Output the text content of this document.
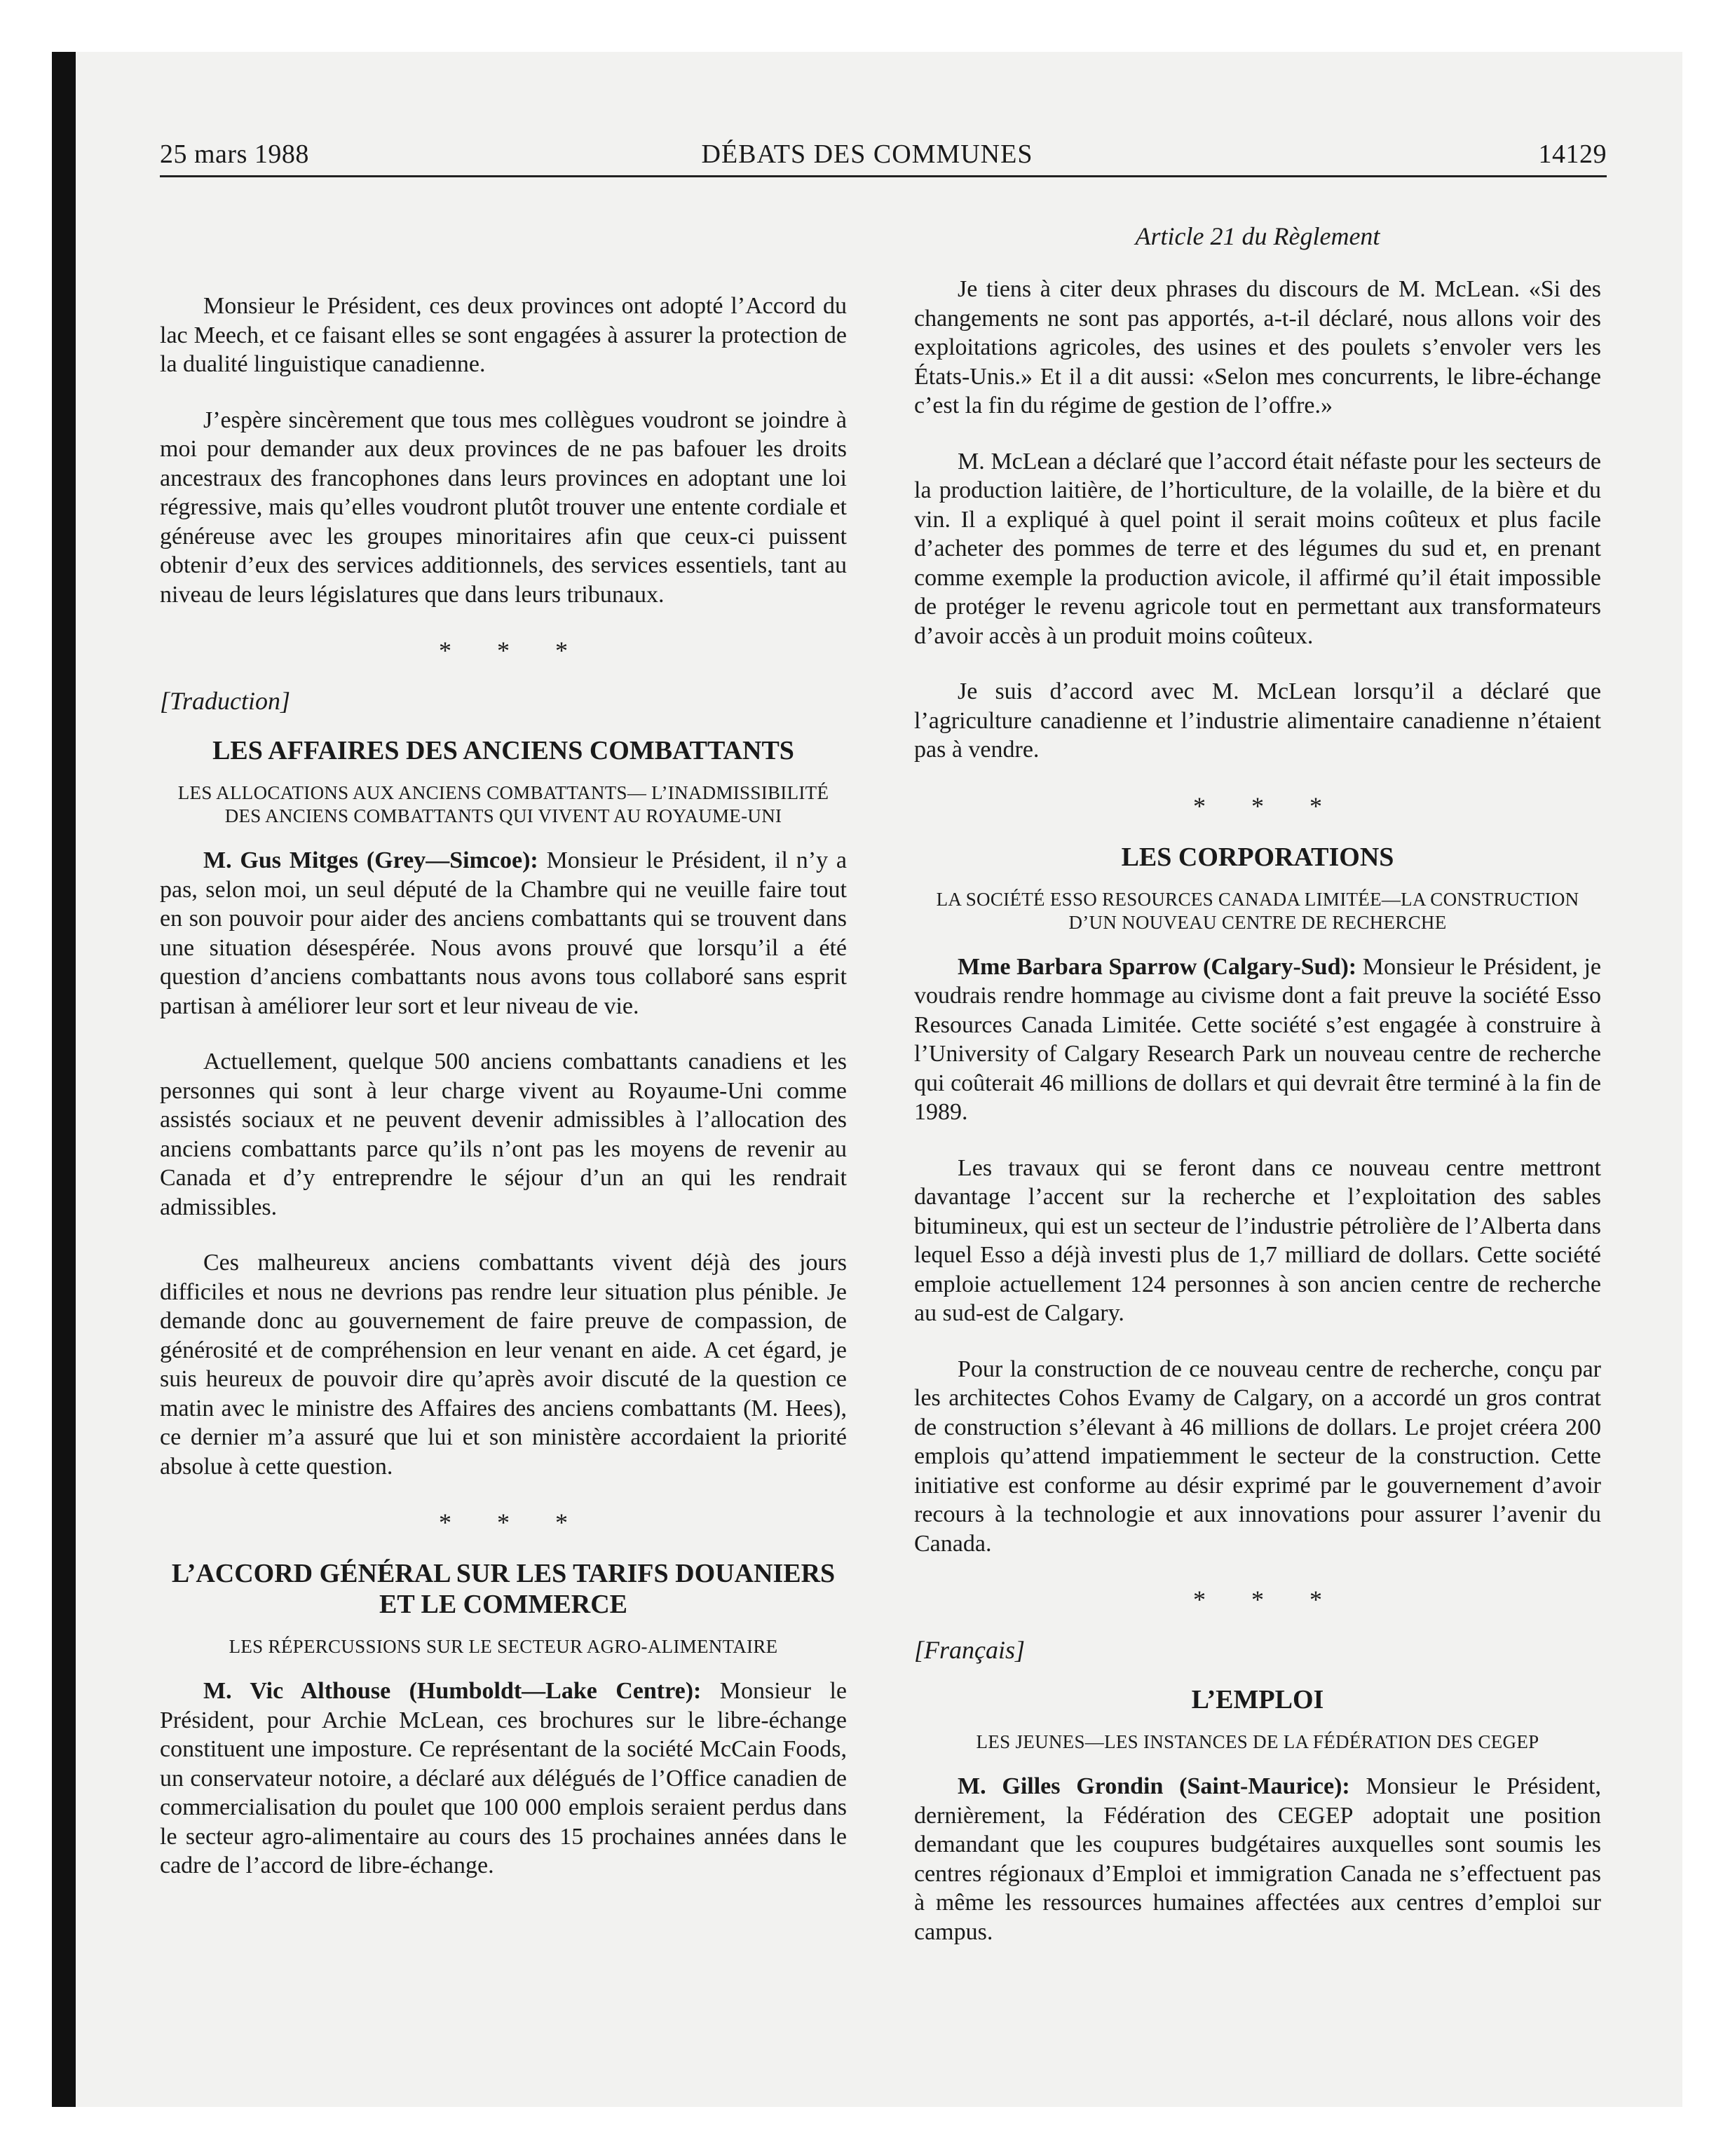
25 mars 1988	DÉBATS DES COMMUNES	14129

Monsieur le Président, ces deux provinces ont adopté l’Accord du lac Meech, et ce faisant elles se sont engagées à assurer la protection de la dualité linguistique canadienne.

J’espère sincèrement que tous mes collègues voudront se joindre à moi pour demander aux deux provinces de ne pas bafouer les droits ancestraux des francophones dans leurs provinces en adoptant une loi régressive, mais qu’elles voudront plutôt trouver une entente cordiale et généreuse avec les groupes minoritaires afin que ceux-ci puissent obtenir d’eux des services additionnels, des services essentiels, tant au niveau de leurs législatures que dans leurs tribunaux.

* * *
[Traduction]
LES AFFAIRES DES ANCIENS COMBATTANTS
LES ALLOCATIONS AUX ANCIENS COMBATTANTS— L’INADMISSIBILITÉ DES ANCIENS COMBATTANTS QUI VIVENT AU ROYAUME-UNI

M. Gus Mitges (Grey—Simcoe): Monsieur le Président, il n’y a pas, selon moi, un seul député de la Chambre qui ne veuille faire tout en son pouvoir pour aider des anciens combattants qui se trouvent dans une situation désespérée. Nous avons prouvé que lorsqu’il a été question d’anciens combattants nous avons tous collaboré sans esprit partisan à améliorer leur sort et leur niveau de vie.

Actuellement, quelque 500 anciens combattants canadiens et les personnes qui sont à leur charge vivent au Royaume-Uni comme assistés sociaux et ne peuvent devenir admissibles à l’allocation des anciens combattants parce qu’ils n’ont pas les moyens de revenir au Canada et d’y entreprendre le séjour d’un an qui les rendrait admissibles.

Ces malheureux anciens combattants vivent déjà des jours difficiles et nous ne devrions pas rendre leur situation plus pénible. Je demande donc au gouvernement de faire preuve de compassion, de générosité et de compréhension en leur venant en aide. A cet égard, je suis heureux de pouvoir dire qu’après avoir discuté de la question ce matin avec le ministre des Affaires des anciens combattants (M. Hees), ce dernier m’a assuré que lui et son ministère accordaient la priorité absolue à cette question.

* * *
L’ACCORD GÉNÉRAL SUR LES TARIFS DOUANIERS ET LE COMMERCE
LES RÉPERCUSSIONS SUR LE SECTEUR AGRO-ALIMENTAIRE

M. Vic Althouse (Humboldt—Lake Centre): Monsieur le Président, pour Archie McLean, ces brochures sur le libre-échange constituent une imposture. Ce représentant de la société McCain Foods, un conservateur notoire, a déclaré aux délégués de l’Office canadien de commercialisation du poulet que 100 000 emplois seraient perdus dans le secteur agro-alimentaire au cours des 15 prochaines années dans le cadre de l’accord de libre-échange.

Article 21 du Règlement

Je tiens à citer deux phrases du discours de M. McLean. «Si des changements ne sont pas apportés, a-t-il déclaré, nous allons voir des exploitations agricoles, des usines et des poulets s’envoler vers les États-Unis.» Et il a dit aussi: «Selon mes concurrents, le libre-échange c’est la fin du régime de gestion de l’offre.»

M. McLean a déclaré que l’accord était néfaste pour les secteurs de la production laitière, de l’horticulture, de la volaille, de la bière et du vin. Il a expliqué à quel point il serait moins coûteux et plus facile d’acheter des pommes de terre et des légumes du sud et, en prenant comme exemple la production avicole, il affirmé qu’il était impossible de protéger le revenu agricole tout en permettant aux transformateurs d’avoir accès à un produit moins coûteux.

Je suis d’accord avec M. McLean lorsqu’il a déclaré que l’agriculture canadienne et l’industrie alimentaire canadienne n’étaient pas à vendre.

* * *
LES CORPORATIONS
LA SOCIÉTÉ ESSO RESOURCES CANADA LIMITÉE—LA CONSTRUCTION D’UN NOUVEAU CENTRE DE RECHERCHE

Mme Barbara Sparrow (Calgary-Sud): Monsieur le Président, je voudrais rendre hommage au civisme dont a fait preuve la société Esso Resources Canada Limitée. Cette société s’est engagée à construire à l’University of Calgary Research Park un nouveau centre de recherche qui coûterait 46 millions de dollars et qui devrait être terminé à la fin de 1989.

Les travaux qui se feront dans ce nouveau centre mettront davantage l’accent sur la recherche et l’exploitation des sables bitumineux, qui est un secteur de l’industrie pétrolière de l’Alberta dans lequel Esso a déjà investi plus de 1,7 milliard de dollars. Cette société emploie actuellement 124 personnes à son ancien centre de recherche au sud-est de Calgary.

Pour la construction de ce nouveau centre de recherche, conçu par les architectes Cohos Evamy de Calgary, on a accordé un gros contrat de construction s’élevant à 46 millions de dollars. Le projet créera 200 emplois qu’attend impatiemment le secteur de la construction. Cette initiative est conforme au désir exprimé par le gouvernement d’avoir recours à la technologie et aux innovations pour assurer l’avenir du Canada.

* * *
[Français]
L’EMPLOI
LES JEUNES—LES INSTANCES DE LA FÉDÉRATION DES CEGEP

M. Gilles Grondin (Saint-Maurice): Monsieur le Président, dernièrement, la Fédération des CEGEP adoptait une position demandant que les coupures budgétaires auxquelles sont soumis les centres régionaux d’Emploi et immigration Canada ne s’effectuent pas à même les ressources humaines affectées aux centres d’emploi sur campus.
